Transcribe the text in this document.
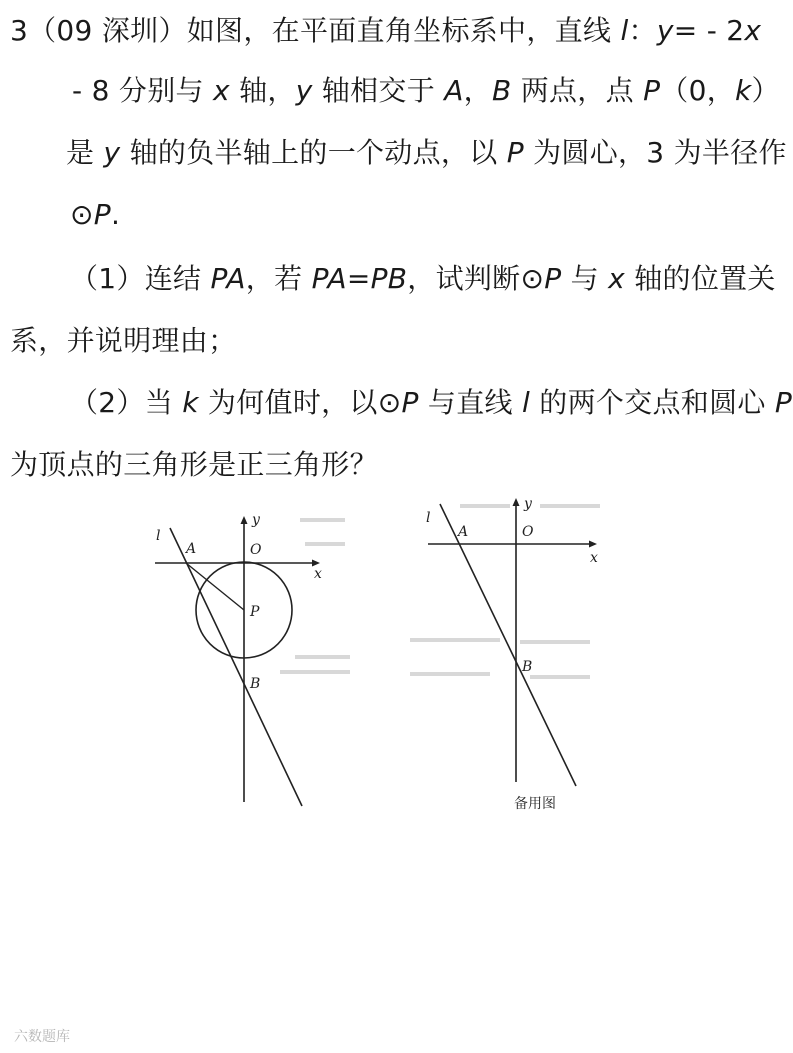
3（09 深圳）如图，在平面直角坐标系中，直线 l：y= - 2x
- 8 分别与 x 轴，y 轴相交于 A，B 两点，点 P（0，k）
是 y 轴的负半轴上的一个动点，以 P 为圆心，3 为半径作
⊙P.
（1）连结 PA，若 PA=PB，试判断⊙P 与 x 轴的位置关
系，并说明理由；
（2）当 k 为何值时，以⊙P 与直线 l 的两个交点和圆心 P
为顶点的三角形是正三角形？
l
A	O
P
B
x
y	l
A	O
B
x
y
备用图
六数题库
